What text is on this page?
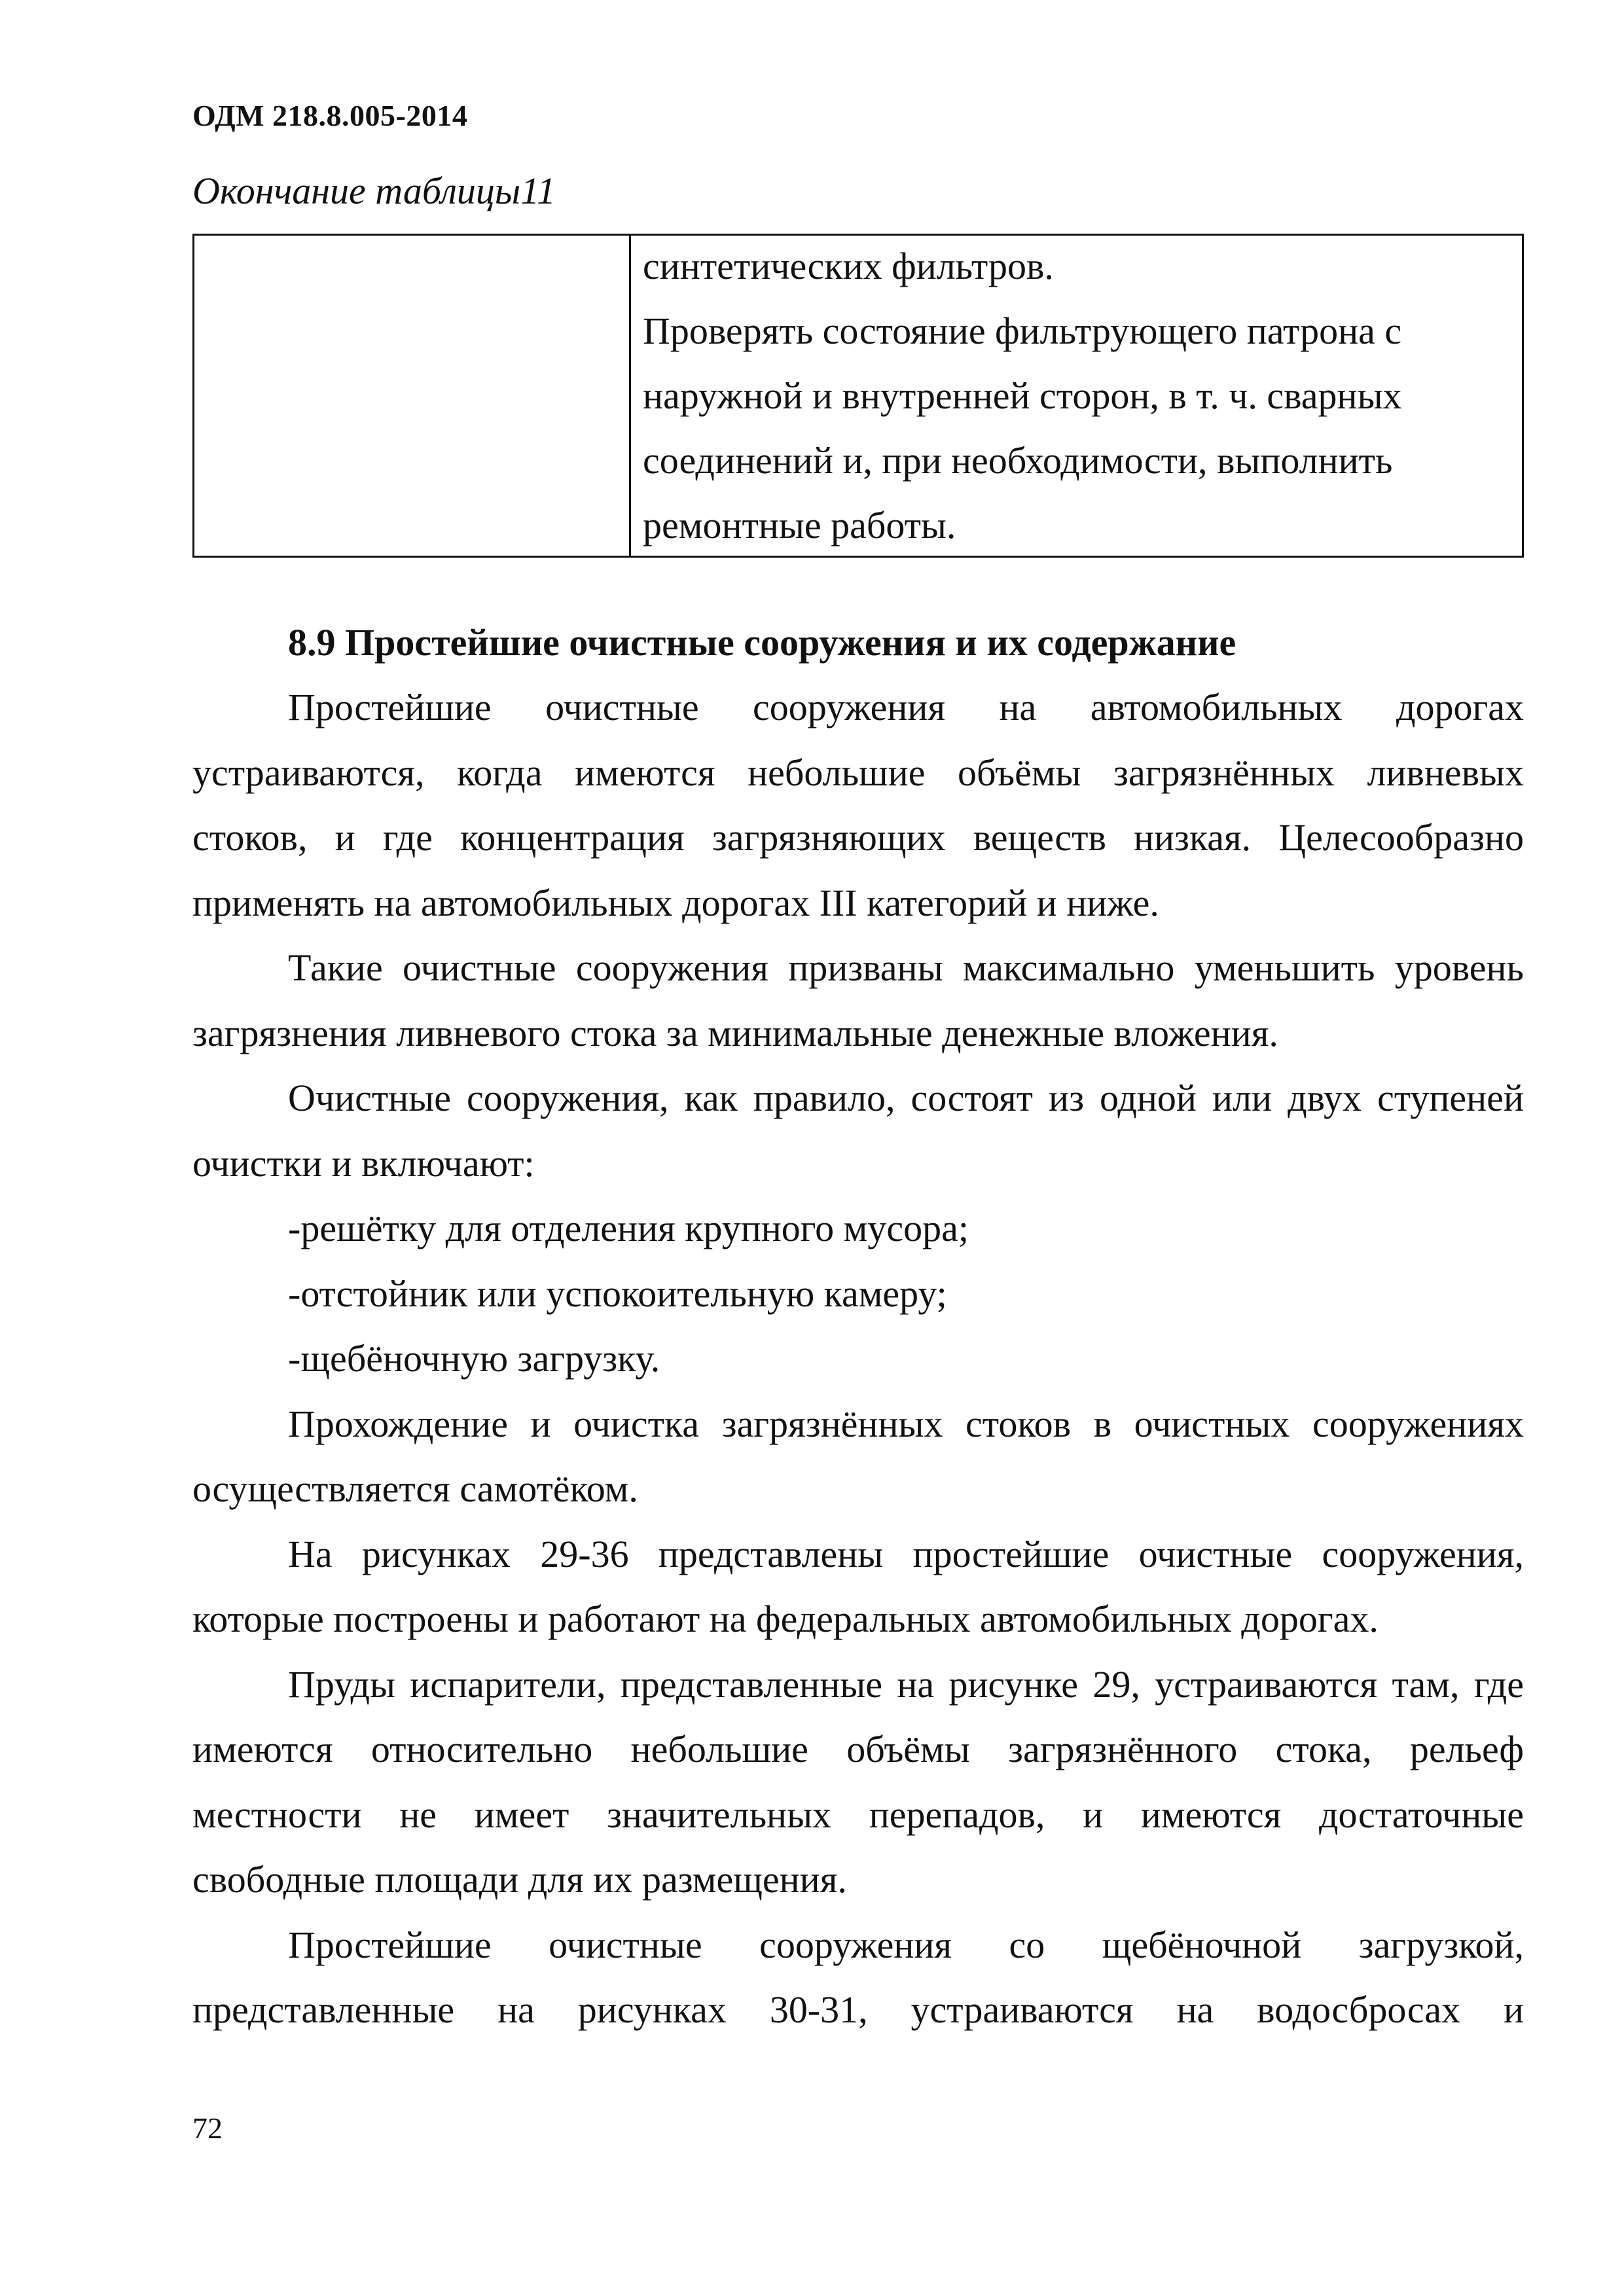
ОДМ 218.8.005-2014
Окончание таблицы11
синтетических фильтров.
Проверять состояние фильтрующего патрона с
наружной и внутренней сторон, в т. ч. сварных
соединений и, при необходимости, выполнить
ремонтные работы.
8.9 Простейшие очистные сооружения и их содержание
Простейшие очистные сооружения на автомобильных дорогах
устраиваются, когда имеются небольшие объёмы загрязнённых ливневых
стоков, и где концентрация загрязняющих веществ низкая. Целесообразно
применять на автомобильных дорогах III категорий и ниже.
Такие очистные сооружения призваны максимально уменьшить уровень
загрязнения ливневого стока за минимальные денежные вложения.
Очистные сооружения, как правило, состоят из одной или двух ступеней
очистки и включают:
-решётку для отделения крупного мусора;
-отстойник или успокоительную камеру;
-щебёночную загрузку.
Прохождение и очистка загрязнённых стоков в очистных сооружениях
осуществляется самотёком.
На рисунках 29-36 представлены простейшие очистные сооружения,
которые построены и работают на федеральных автомобильных дорогах.
Пруды испарители, представленные на рисунке 29, устраиваются там, где
имеются относительно небольшие объёмы загрязнённого стока, рельеф
местности не имеет значительных перепадов, и имеются достаточные
свободные площади для их размещения.
Простейшие очистные сооружения со щебёночной загрузкой,
представленные на рисунках 30-31, устраиваются на водосбросах и
72
